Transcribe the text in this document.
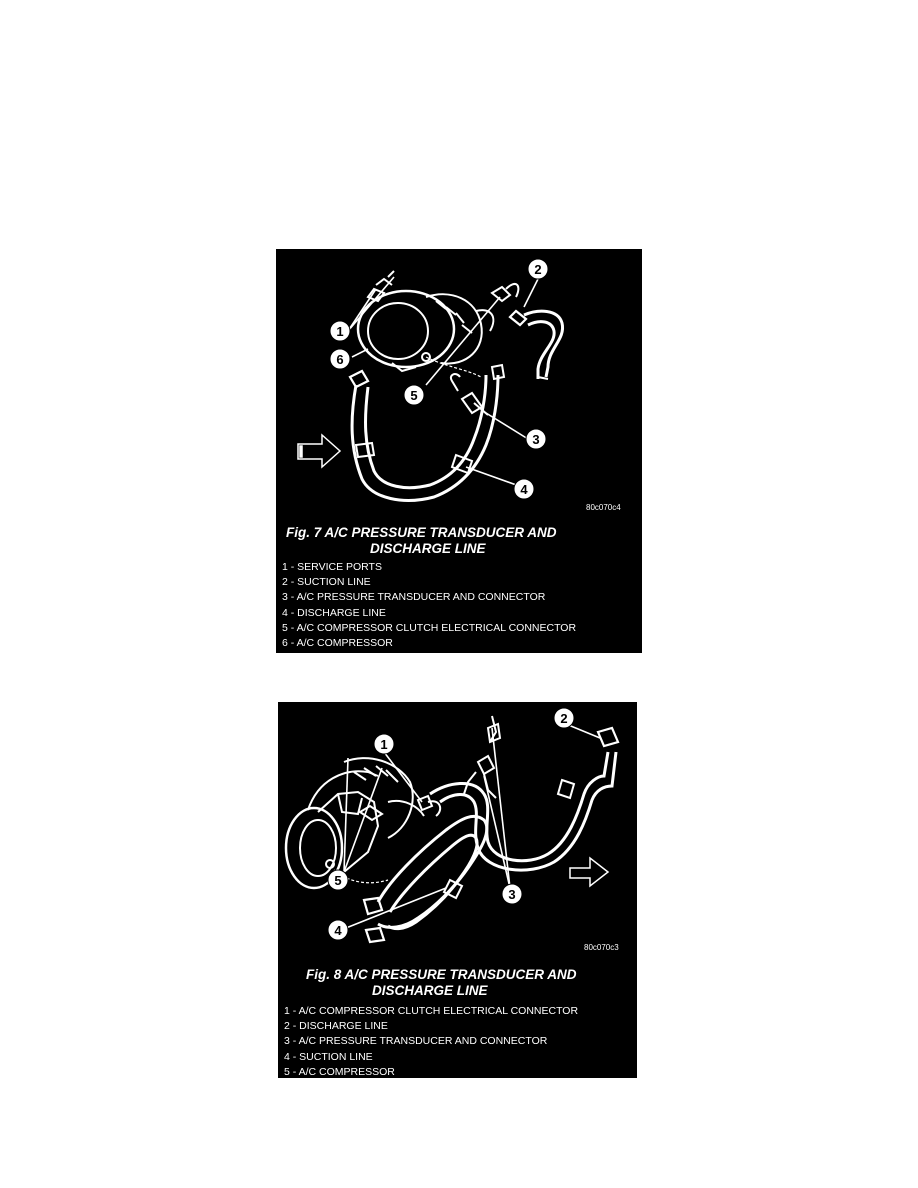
1
6
2
5
3
4
80c070c4
Fig. 7 A/C PRESSURE TRANSDUCER AND
DISCHARGE LINE
1 - SERVICE PORTS
2 - SUCTION LINE
3 - A/C PRESSURE TRANSDUCER AND CONNECTOR
4 - DISCHARGE LINE
5 - A/C COMPRESSOR CLUTCH ELECTRICAL CONNECTOR
6 - A/C COMPRESSOR
1
2
3
4
5
80c070c3
Fig. 8 A/C PRESSURE TRANSDUCER AND
DISCHARGE LINE
1 - A/C COMPRESSOR CLUTCH ELECTRICAL CONNECTOR
2 - DISCHARGE LINE
3 - A/C PRESSURE TRANSDUCER AND CONNECTOR
4 - SUCTION LINE
5 - A/C COMPRESSOR
